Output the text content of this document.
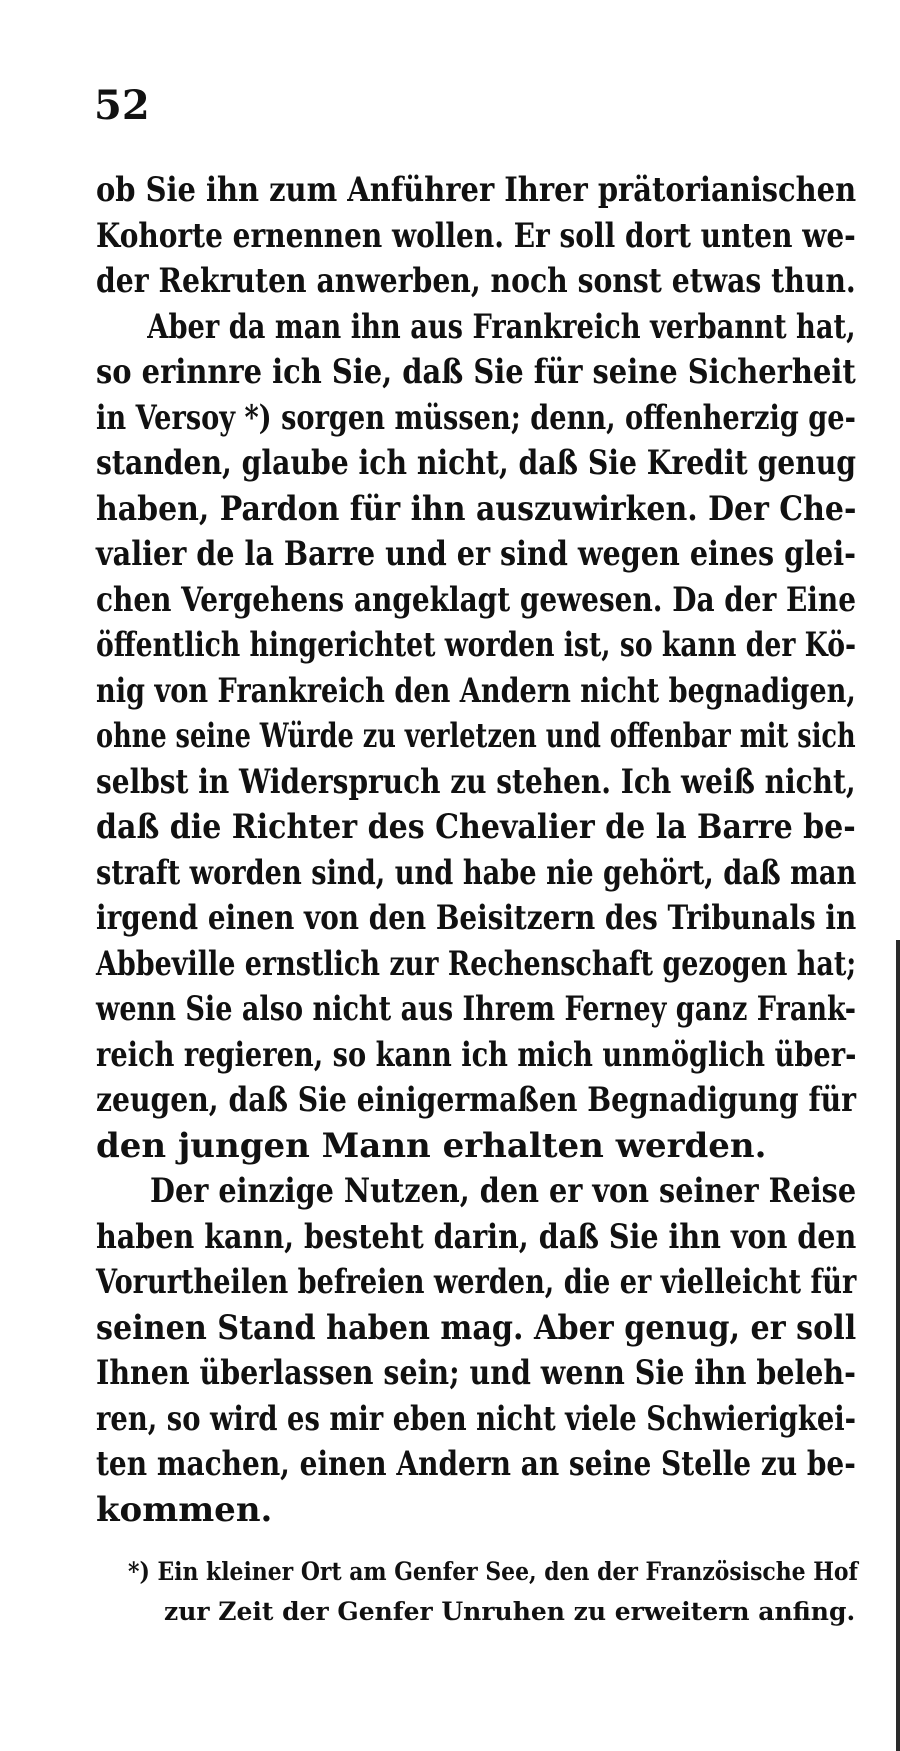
52
ob Sie ihn zum Anführer Ihrer prätorianischen
Kohorte ernennen wollen. Er soll dort unten we-
der Rekruten anwerben, noch sonst etwas thun.
Aber da man ihn aus Frankreich verbannt hat,
so erinnre ich Sie, daß Sie für seine Sicherheit
in Versoy *) sorgen müssen; denn, offenherzig ge-
standen, glaube ich nicht, daß Sie Kredit genug
haben, Pardon für ihn auszuwirken. Der Che-
valier de la Barre und er sind wegen eines glei-
chen Vergehens angeklagt gewesen. Da der Eine
öffentlich hingerichtet worden ist, so kann der Kö-
nig von Frankreich den Andern nicht begnadigen,
ohne seine Würde zu verletzen und offenbar mit sich
selbst in Widerspruch zu stehen. Ich weiß nicht,
daß die Richter des Chevalier de la Barre be-
straft worden sind, und habe nie gehört, daß man
irgend einen von den Beisitzern des Tribunals in
Abbeville ernstlich zur Rechenschaft gezogen hat;
wenn Sie also nicht aus Ihrem Ferney ganz Frank-
reich regieren, so kann ich mich unmöglich über-
zeugen, daß Sie einigermaßen Begnadigung für
den jungen Mann erhalten werden.
Der einzige Nutzen, den er von seiner Reise
haben kann, besteht darin, daß Sie ihn von den
Vorurtheilen befreien werden, die er vielleicht für
seinen Stand haben mag. Aber genug, er soll
Ihnen überlassen sein; und wenn Sie ihn beleh-
ren, so wird es mir eben nicht viele Schwierigkei-
ten machen, einen Andern an seine Stelle zu be-
kommen.
*) Ein kleiner Ort am Genfer See, den der Französische Hof
zur Zeit der Genfer Unruhen zu erweitern anfing.
